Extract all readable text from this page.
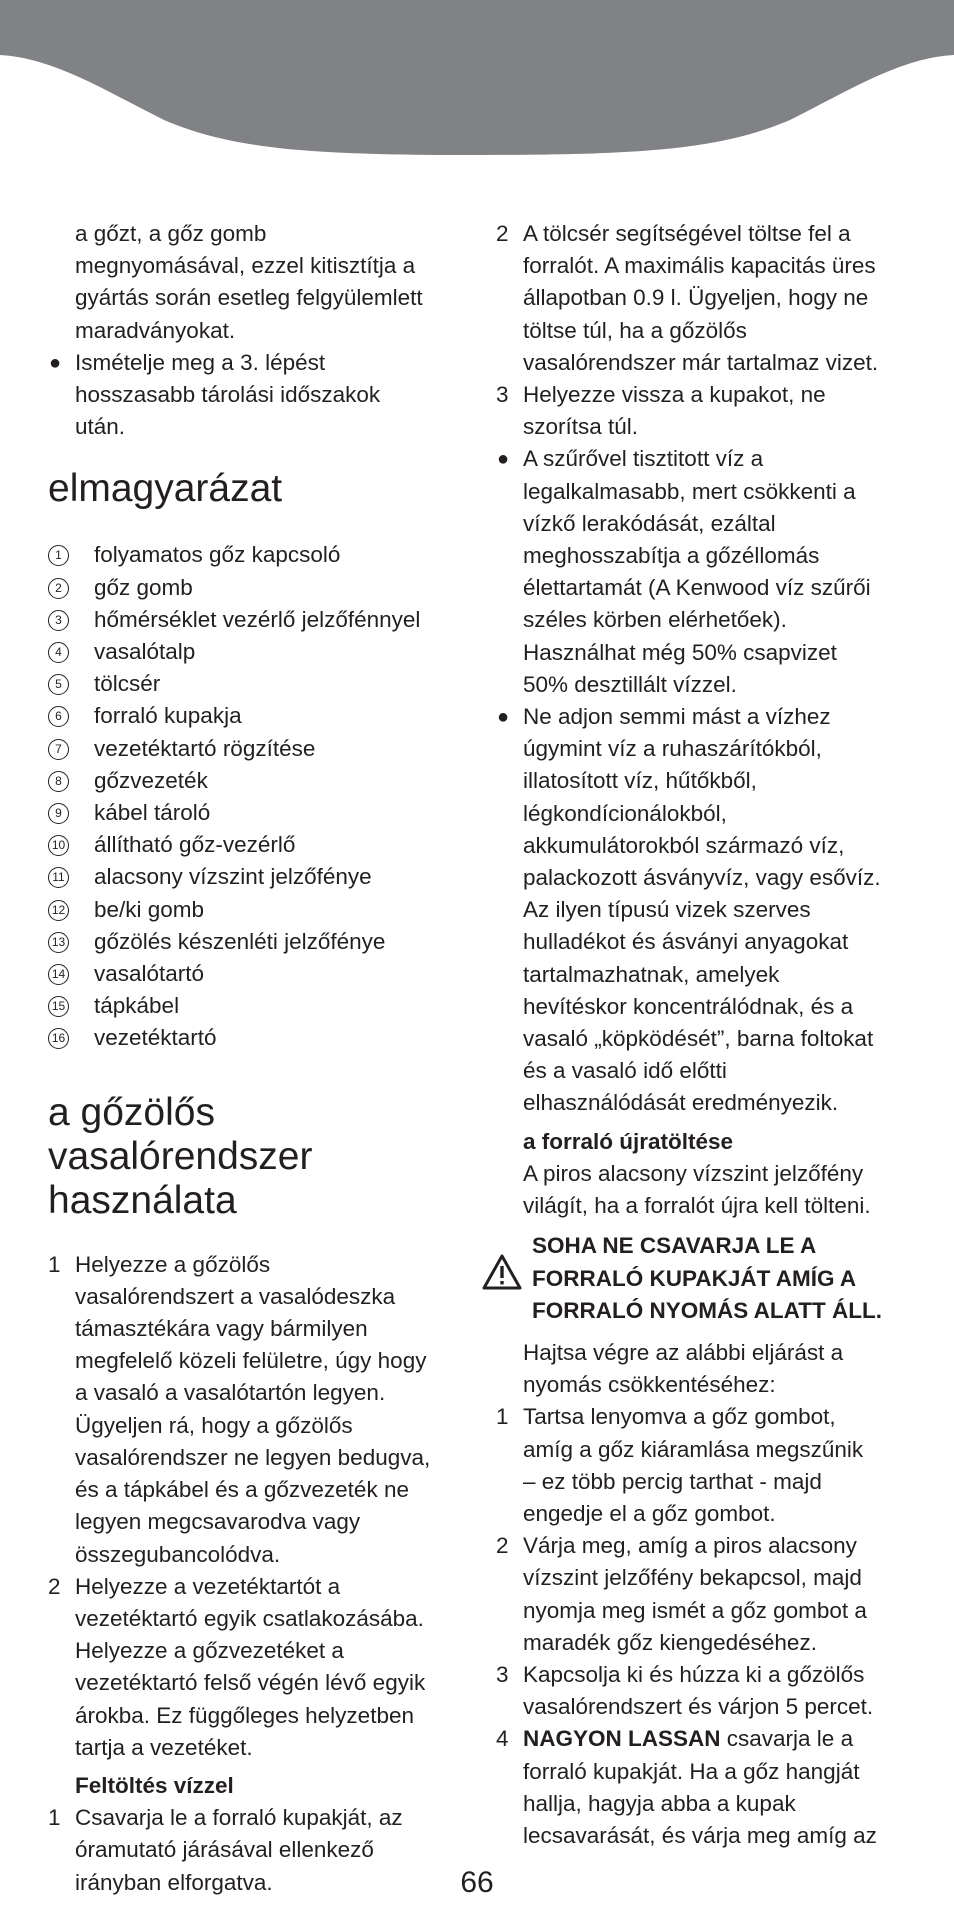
a gőzt, a gőz gomb
megnyomásával, ezzel kitisztítja a
gyártás során esetleg felgyülemlett
maradványokat.
● Ismételje meg a 3. lépést
hosszasabb tárolási időszakok
után.
elmagyarázat
1	folyamatos gőz kapcsoló
2	gőz gomb
3	hőmérséklet vezérlő jelzőfénnyel
4	vasalótalp
5	tölcsér
6	forraló kupakja
7	vezetéktartó rögzítése
8	gőzvezeték
9	kábel tároló
10 állítható gőz-vezérlő
11 alacsony vízszint jelzőfénye
12 be/ki gomb
13 gőzölés készenléti jelzőfénye
14 vasalótartó
15 tápkábel
16 vezetéktartó
a gőzölős
vasalórendszer
használata
1 Helyezze a gőzölős
vasalórendszert a vasalódeszka
támasztékára vagy bármilyen
megfelelő közeli felületre, úgy hogy
a vasaló a vasalótartón legyen.
Ügyeljen rá, hogy a gőzölős
vasalórendszer ne legyen bedugva,
és a tápkábel és a gőzvezeték ne
legyen megcsavarodva vagy
összegubancolódva.
2 Helyezze a vezetéktartót a
vezetéktartó egyik csatlakozásába.
Helyezze a gőzvezetéket a
vezetéktartó felső végén lévő egyik
árokba. Ez függőleges helyzetben
tartja a vezetéket.
Feltöltés vízzel
1 Csavarja le a forraló kupakját, az
óramutató járásával ellenkező
irányban elforgatva.
2 A tölcsér segítségével töltse fel a
forralót. A maximális kapacitás üres
állapotban 0.9 l. Ügyeljen, hogy ne
töltse túl, ha a gőzölős
vasalórendszer már tartalmaz vizet.
3 Helyezze vissza a kupakot, ne
szorítsa túl.
● A szűrővel tisztitott víz a
legalkalmasabb, mert csökkenti a
vízkő lerakódását, ezáltal
meghosszabítja a gőzéllomás
élettartamát (A Kenwood víz szűrői
széles körben elérhetőek).
Használhat még 50% csapvizet
50% desztillált vízzel.
● Ne adjon semmi mást a vízhez
úgymint víz a ruhaszárítókból,
illatosított víz, hűtőkből,
légkondícionálokból,
akkumulátorokból származó víz,
palackozott ásványvíz, vagy esővíz.
Az ilyen típusú vizek szerves
hulladékot és ásványi anyagokat
tartalmazhatnak, amelyek
hevítéskor koncentrálódnak, és a
vasaló „köpködését”, barna foltokat
és a vasaló idő előtti
elhasználódását eredményezik.
a forraló újratöltése
A piros alacsony vízszint jelzőfény
világít, ha a forralót újra kell tölteni.
SOHA NE CSAVARJA LE A
FORRALÓ KUPAKJÁT AMÍG A
FORRALÓ NYOMÁS ALATT ÁLL.
Hajtsa végre az alábbi eljárást a
nyomás csökkentéséhez:
1 Tartsa lenyomva a gőz gombot,
amíg a gőz kiáramlása megszűnik
– ez több percig tarthat - majd
engedje el a gőz gombot.
2 Várja meg, amíg a piros alacsony
vízszint jelzőfény bekapcsol, majd
nyomja meg ismét a gőz gombot a
maradék gőz kiengedéséhez.
3 Kapcsolja ki és húzza ki a gőzölős
vasalórendszert és várjon 5 percet.
4 NAGYON LASSAN csavarja le a
forraló kupakját. Ha a gőz hangját
hallja, hagyja abba a kupak
lecsavarását, és várja meg amíg az
66
